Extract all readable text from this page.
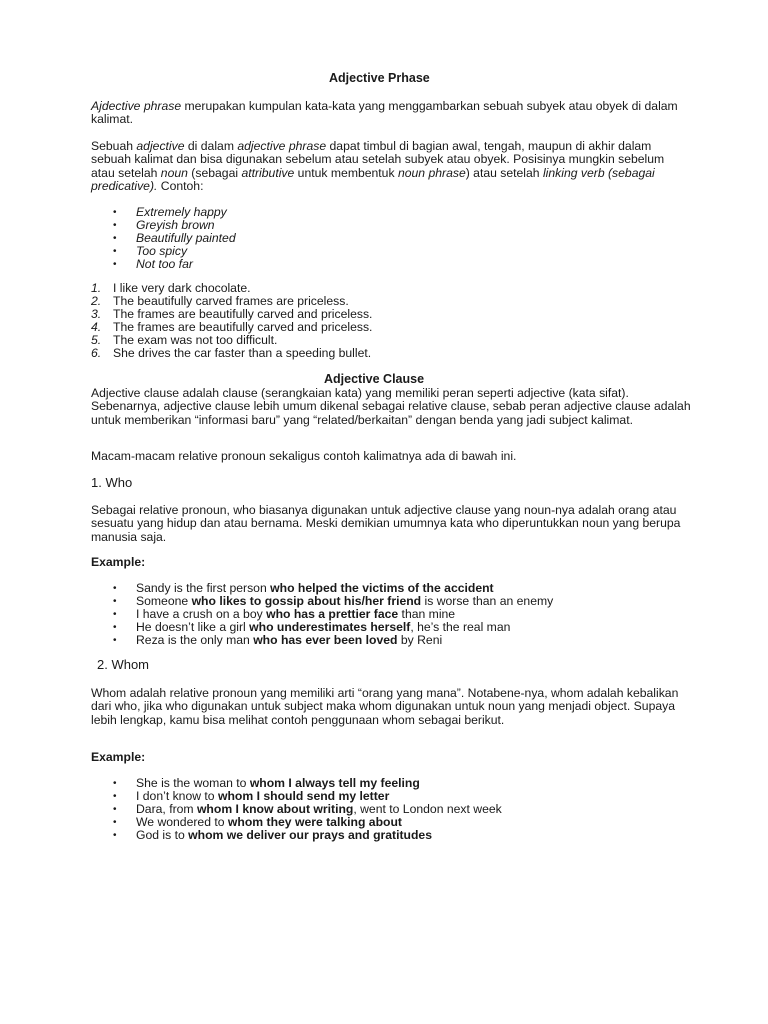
Adjective Prhase

Ajdective phrase merupakan kumpulan kata-kata yang menggambarkan sebuah subyek atau obyek di dalam kalimat.

Sebuah adjective di dalam adjective phrase dapat timbul di bagian awal, tengah, maupun di akhir dalam sebuah kalimat dan bisa digunakan sebelum atau setelah subyek atau obyek. Posisinya mungkin sebelum atau setelah noun (sebagai attributive untuk membentuk noun phrase) atau setelah linking verb (sebagai predicative). Contoh:

• Extremely happy
• Greyish brown
• Beautifully painted
• Too spicy
• Not too far
1. I like very dark chocolate.
2. The beautifully carved frames are priceless.
3. The frames are beautifully carved and priceless.
4. The frames are beautifully carved and priceless.
5. The exam was not too difficult.
6. She drives the car faster than a speeding bullet.
Adjective Clause

Adjective clause adalah clause (serangkaian kata) yang memiliki peran seperti adjective (kata sifat). Sebenarnya, adjective clause lebih umum dikenal sebagai relative clause, sebab peran adjective clause adalah untuk memberikan “informasi baru” yang “related/berkaitan” dengan benda yang jadi subject kalimat.

Macam-macam relative pronoun sekaligus contoh kalimatnya ada di bawah ini.

1. Who

Sebagai relative pronoun, who biasanya digunakan untuk adjective clause yang noun-nya adalah orang atau sesuatu yang hidup dan atau bernama. Meski demikian umumnya kata who diperuntukkan noun yang berupa manusia saja.

Example:
• Sandy is the first person who helped the victims of the accident
• Someone who likes to gossip about his/her friend is worse than an enemy
• I have a crush on a boy who has a prettier face than mine
• He doesn’t like a girl who underestimates herself, he’s the real man
• Reza is the only man who has ever been loved by Reni
2. Whom

Whom adalah relative pronoun yang memiliki arti “orang yang mana”. Notabene-nya, whom adalah kebalikan dari who, jika who digunakan untuk subject maka whom digunakan untuk noun yang menjadi object. Supaya lebih lengkap, kamu bisa melihat contoh penggunaan whom sebagai berikut.

Example:
• She is the woman to whom I always tell my feeling
• I don’t know to whom I should send my letter
• Dara, from whom I know about writing, went to London next week
• We wondered to whom they were talking about
• God is to whom we deliver our prays and gratitudes
